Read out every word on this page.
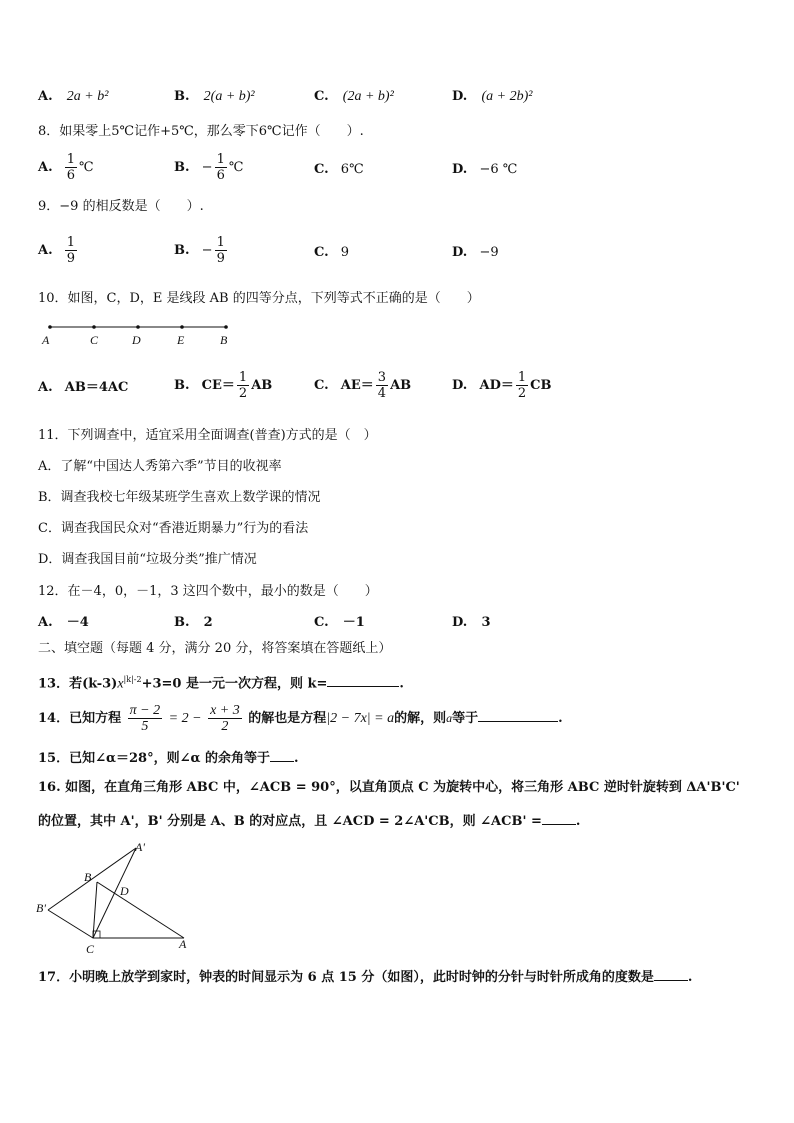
A. 2a + b²	B. 2(a + b)²	C. (2a + b)²	D. (a + 2b)²
8．如果零上5℃记作+5℃，那么零下6℃记作（　　）.
A. $\frac{1}{6}$ ℃	B. − $\frac{1}{6}$ ℃	C. 6℃	D. −6 ℃
9．−9 的相反数是（　　）.
A. $\frac{1}{9}$	B. − $\frac{1}{9}$	C. 9	D. −9
10．如图，C，D，E 是线段 AB 的四等分点，下列等式不正确的是（　　）
A	C	D	E	B
A. AB＝4AC	B. $CE= \frac{1}{2}$ AB	C. $AE= \frac{3}{4}$ AB	D. $AD= \frac{1}{2}$ CB
11．下列调查中，适宜采用全面调查(普查)方式的是（　）
A．了解“中国达人秀第六季”节目的收视率
B．调查我校七年级某班学生喜欢上数学课的情况
C．调查我国民众对“香港近期暴力”行为的看法
D．调查我国目前“垃圾分类”推广情况
12．在－4，0，－1，3 这四个数中，最小的数是（　　）
A. －4	B. 2	C. －1	D. 3
二、填空题（每题 4 分，满分 20 分，将答案填在答题纸上）
13．若$(k-3)x^{|k|-2}+3=0$ 是一元一次方程，则 k=	.
14．已知方程 $\frac{\pi - 2}{5} = 2 - \frac{x + 3}{2}$ 的解也是方程|2 − 7x| = a的解，则a等于	.
15．已知∠α＝28°，则∠α 的余角等于 .
16. 如图，在直角三角形 ABC 中，∠ACB = 90°，以直角顶点 C 为旋转中心，将三角形 ABC 逆时针旋转到 ΔA'B'C'
的位置，其中 A'，B' 分别是 A、B 的对应点，且 ∠ACD = 2∠A'CB，则 ∠ACB' =	.
A'
B
D
B'
C	A
17．小明晚上放学到家时，钟表的时间显示为 6 点 15 分（如图），此时时钟的分针与时针所成角的度数是	.
